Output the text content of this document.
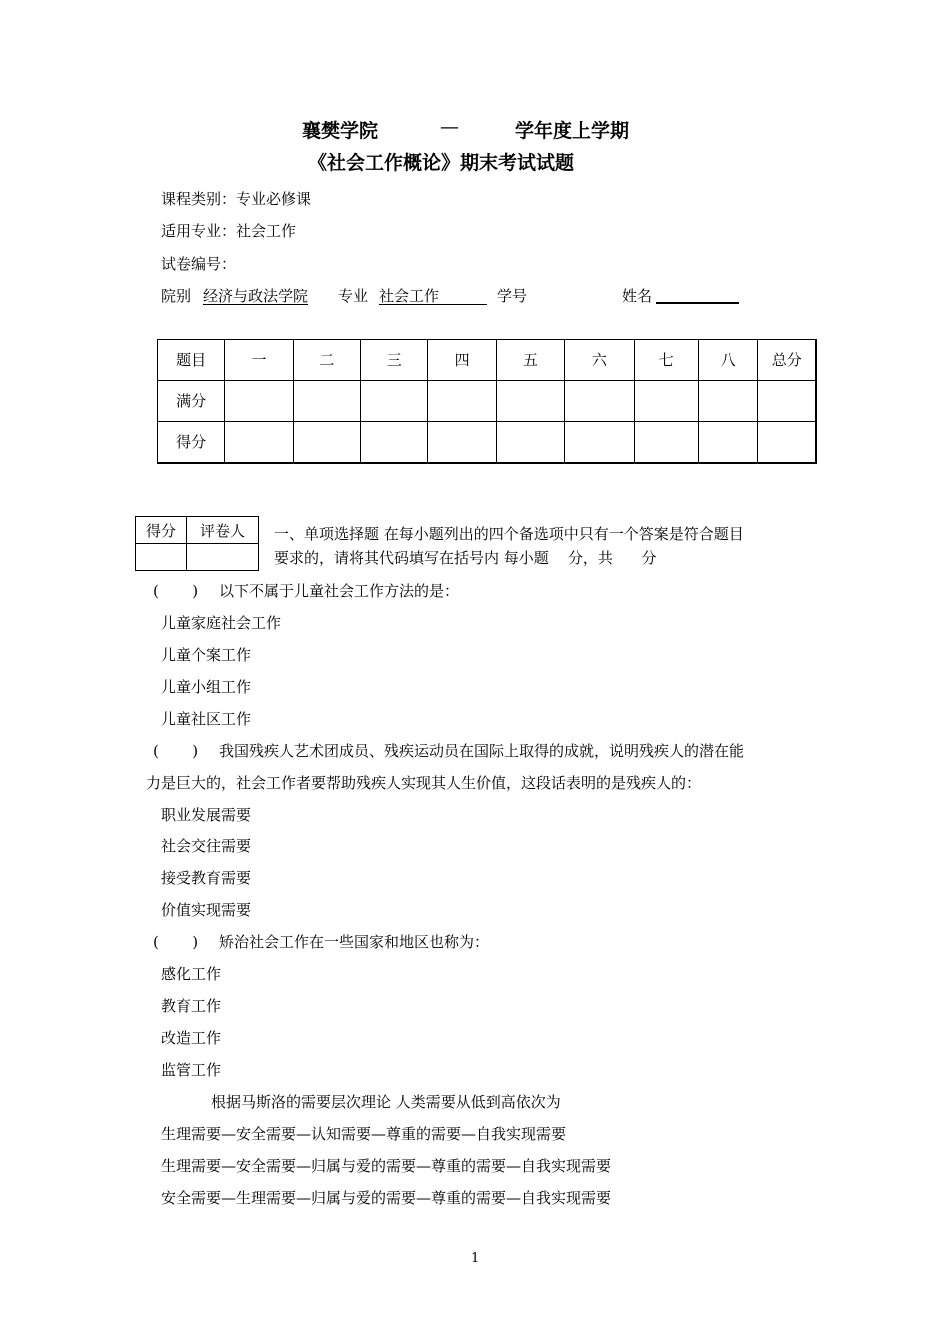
襄樊学院	—	学年度上学期
《社会工作概论》期末考试试题
课程类别：专业必修课
适用专业：社会工作
试卷编号：
院别 经济与政法学院 专业 社会工作	学号	姓名
题目	一	二	三	四	五	六	七	八	总分
满分									
得分									
得分	评卷人
	一、单项选择题 在每小题列出的四个备选项中只有一个答案是符合题目
要求的，请将其代码填写在括号内 每小题    分，共      分
(       ) 以下不属于儿童社会工作方法的是：
儿童家庭社会工作
儿童个案工作
儿童小组工作
儿童社区工作
(       ) 我国残疾人艺术团成员、残疾运动员在国际上取得的成就，说明残疾人的潜在能
力是巨大的，社会工作者要帮助残疾人实现其人生价值，这段话表明的是残疾人的：
职业发展需要
社会交往需要
接受教育需要
价值实现需要
(       ) 矫治社会工作在一些国家和地区也称为：
感化工作
教育工作
改造工作
监管工作
根据马斯洛的需要层次理论 人类需要从低到高依次为
生理需要—安全需要—认知需要—尊重的需要—自我实现需要
生理需要—安全需要—归属与爱的需要—尊重的需要—自我实现需要
安全需要—生理需要—归属与爱的需要—尊重的需要—自我实现需要
1
